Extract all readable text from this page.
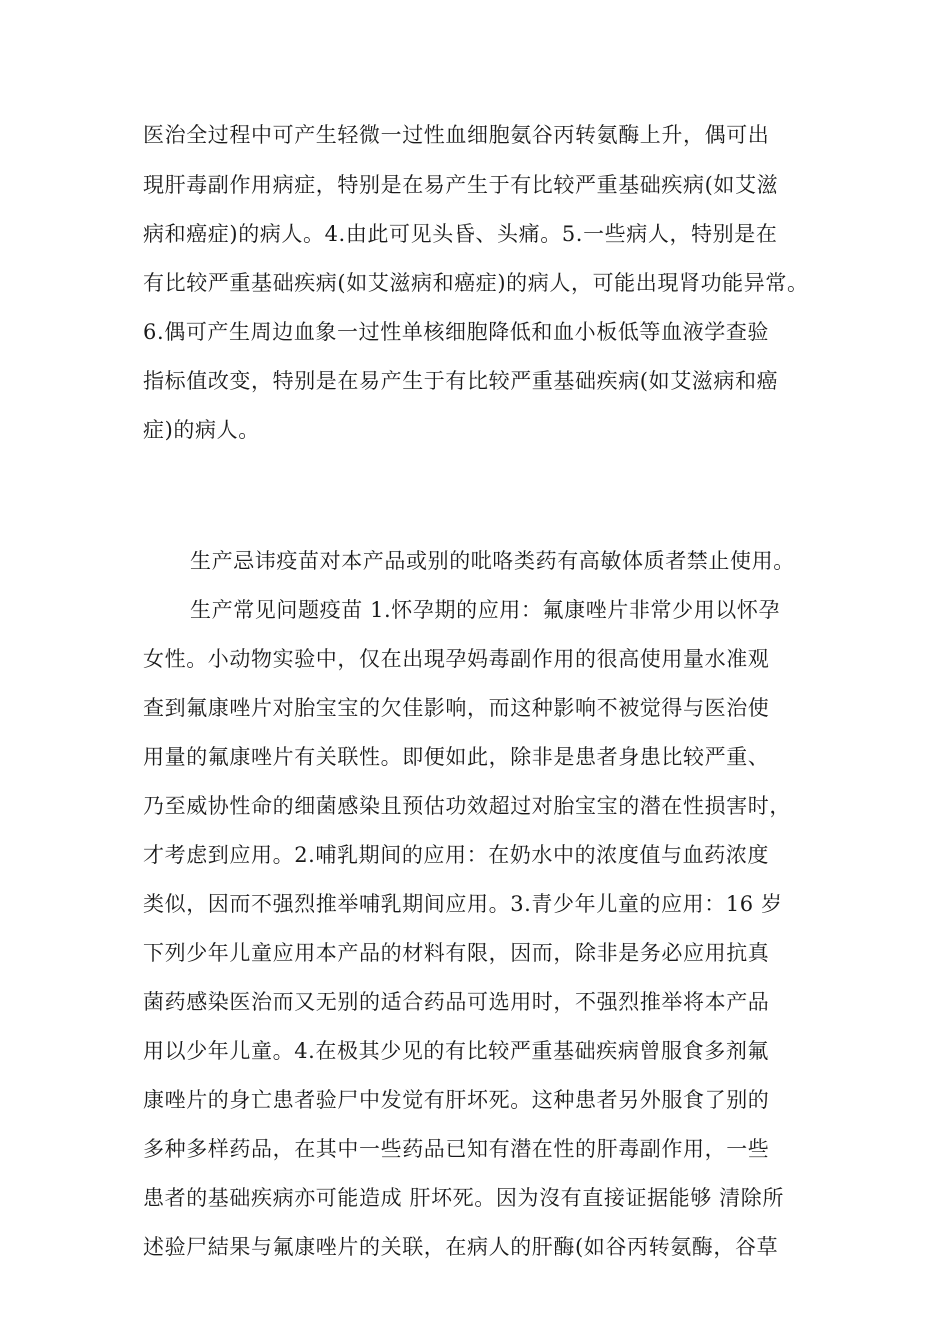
医治全过程中可产生轻微一过性血细胞氨谷丙转氨酶上升，偶可出
現肝毒副作用病症，特别是在易产生于有比较严重基础疾病(如艾滋
病和癌症)的病人。4.由此可见头昏、头痛。5.一些病人，特别是在
有比较严重基础疾病(如艾滋病和癌症)的病人，可能出現肾功能异常。
6.偶可产生周边血象一过性单核细胞降低和血小板低等血液学查验
指标值改变，特别是在易产生于有比较严重基础疾病(如艾滋病和癌
症)的病人。
生产忌讳疫苗对本产品或别的吡咯类药有高敏体质者禁止使用。
生产常见问题疫苗 1.怀孕期的应用：氟康唑片非常少用以怀孕
女性。小动物实验中，仅在出現孕妈毒副作用的很高使用量水准观
查到氟康唑片对胎宝宝的欠佳影响，而这种影响不被觉得与医治使
用量的氟康唑片有关联性。即便如此，除非是患者身患比较严重、
乃至威协性命的细菌感染且预估功效超过对胎宝宝的潜在性损害时，
才考虑到应用。2.哺乳期间的应用：在奶水中的浓度值与血药浓度
类似，因而不强烈推举哺乳期间应用。3.青少年儿童的应用：16 岁
下列少年儿童应用本产品的材料有限，因而，除非是务必应用抗真
菌药感染医治而又无别的适合药品可选用时，不强烈推举将本产品
用以少年儿童。4.在极其少见的有比较严重基础疾病曾服食多剂氟
康唑片的身亡患者验尸中发觉有肝坏死。这种患者另外服食了别的
多种多样药品，在其中一些药品已知有潜在性的肝毒副作用，一些
患者的基础疾病亦可能造成 肝坏死。因为沒有直接证据能够 清除所
述验尸結果与氟康唑片的关联，在病人的肝酶(如谷丙转氨酶，谷草
